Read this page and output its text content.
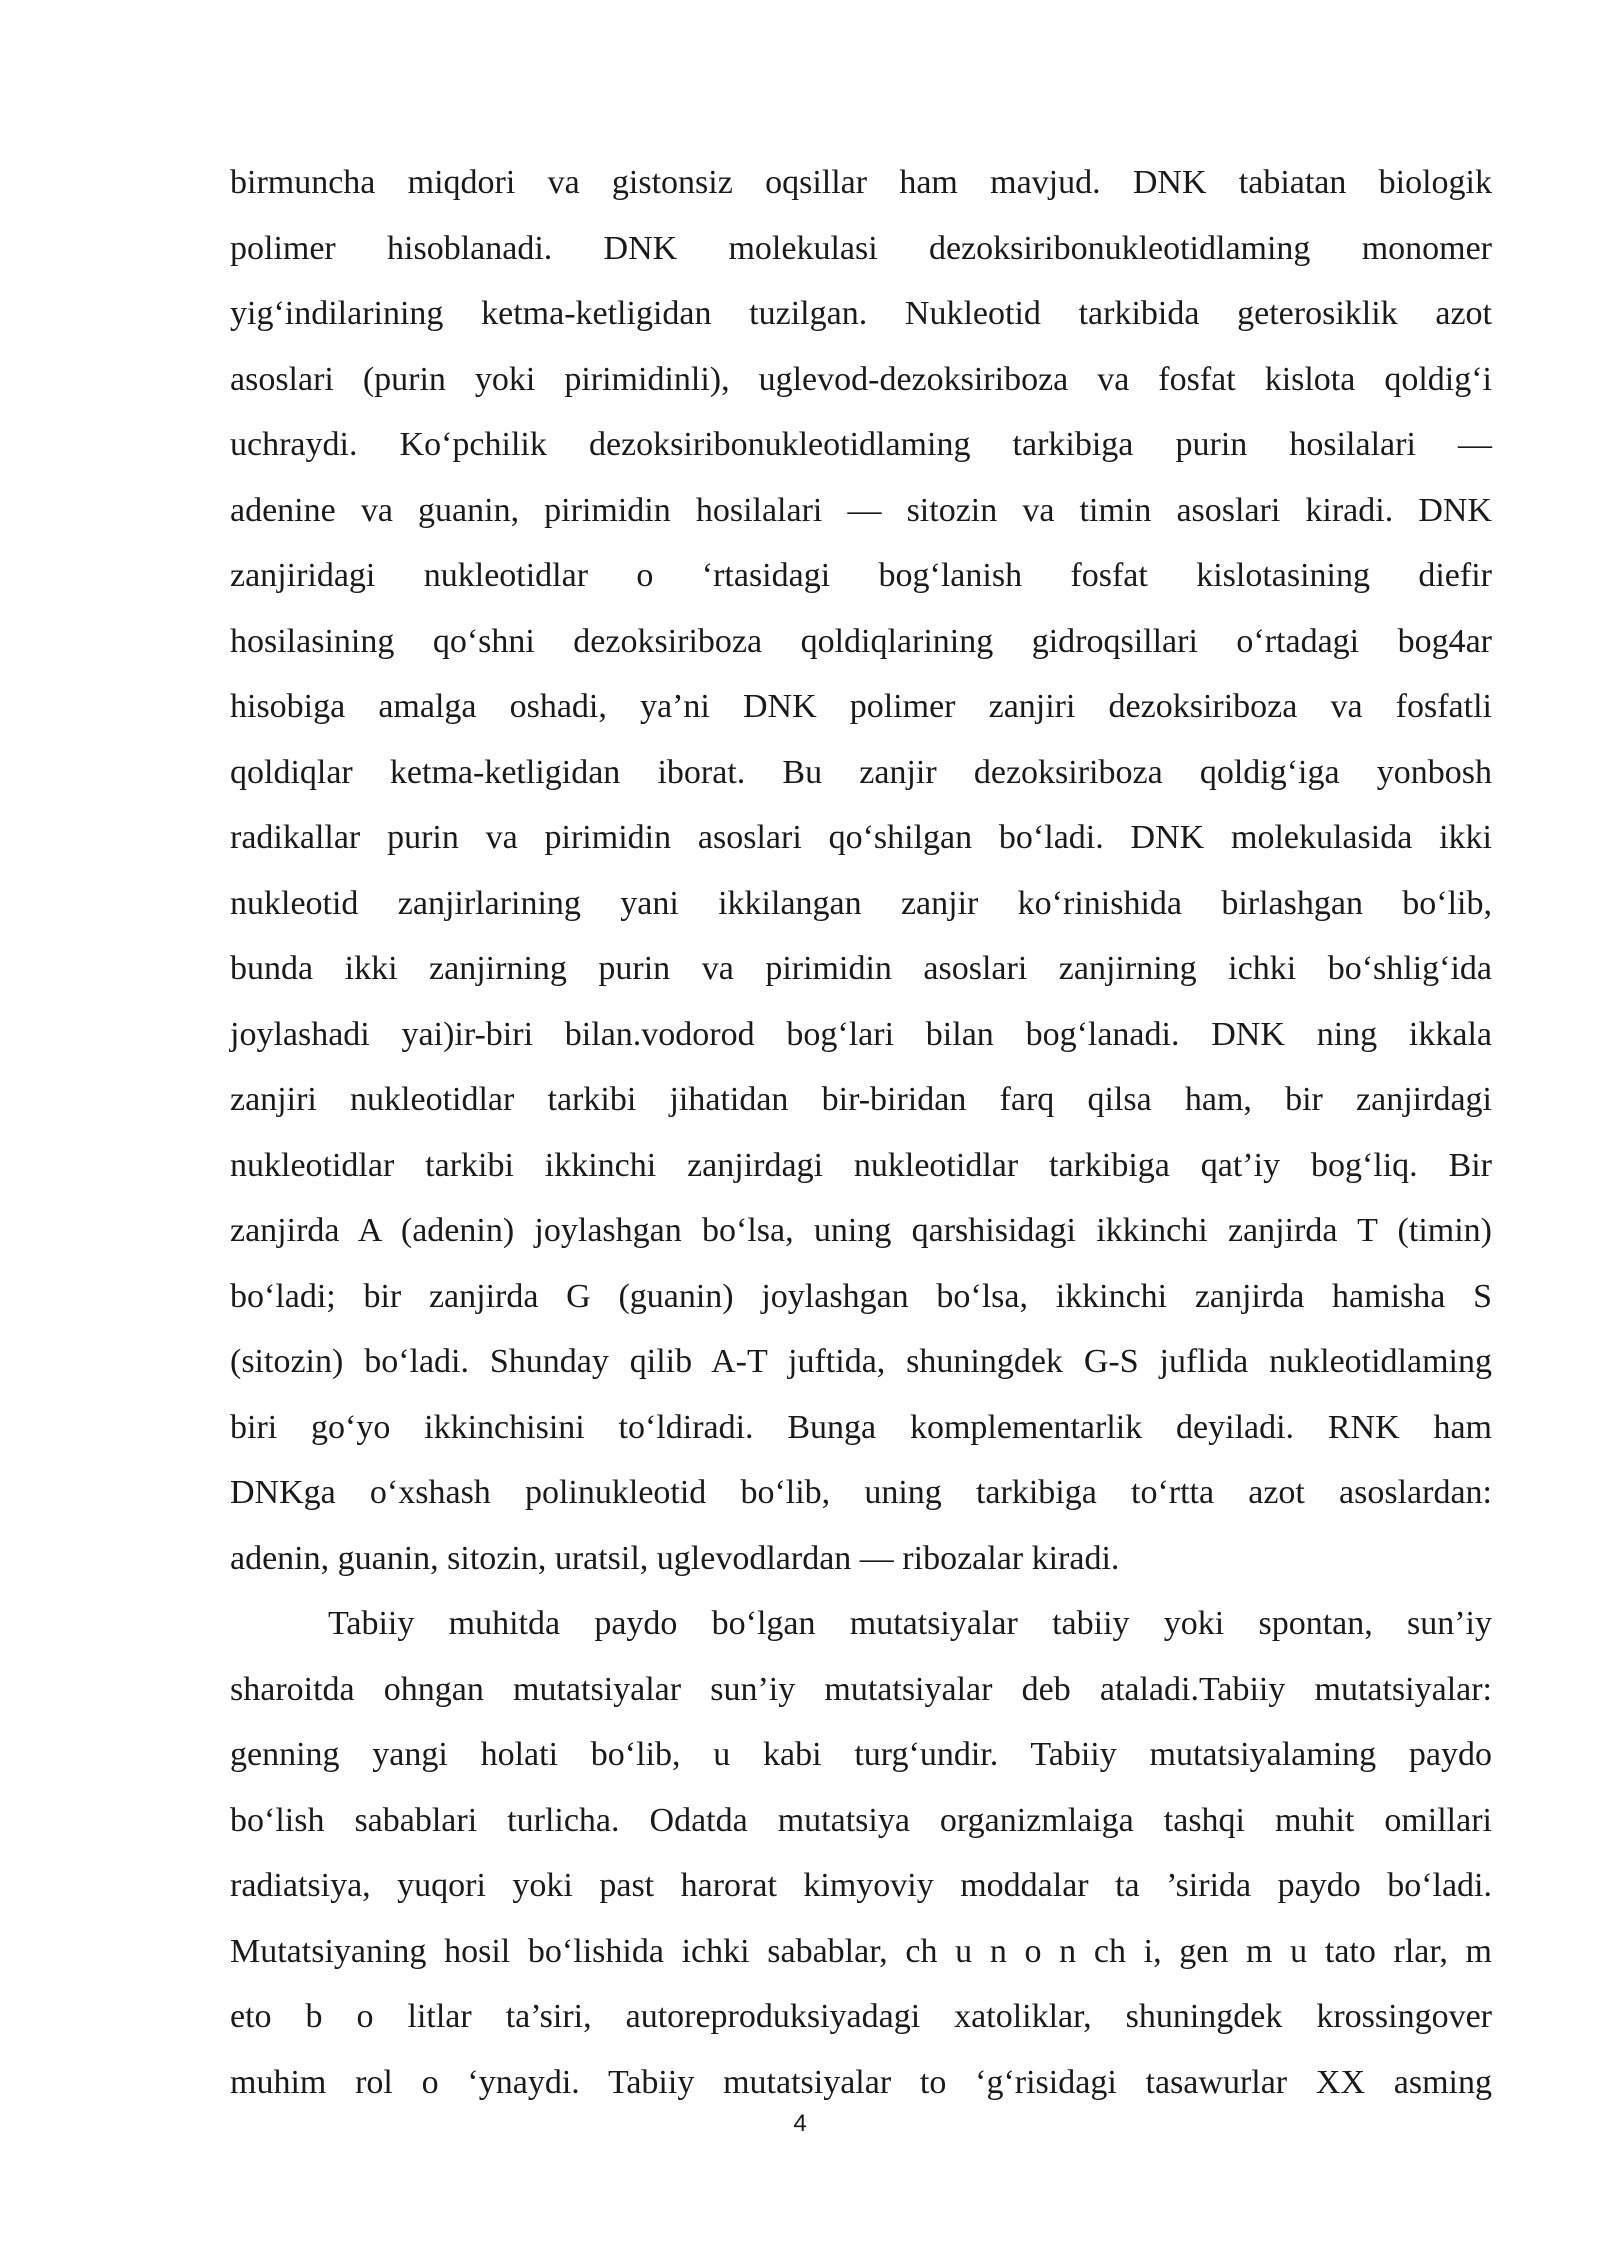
birmuncha miqdori va gistonsiz oqsillar ham mavjud. DNK tabiatan biologik
polimer hisoblanadi. DNK molekulasi dezoksiribonukleotidlaming monomer
yig‘indilarining ketma-ketligidan tuzilgan. Nukleotid tarkibida geterosiklik azot
asoslari (purin yoki pirimidinli), uglevod-dezoksiriboza va fosfat kislota qoldig‘i
uchraydi. Ko‘pchilik dezoksiribonukleotidlaming tarkibiga purin hosilalari —
adenine va guanin, pirimidin hosilalari — sitozin va timin asoslari kiradi. DNK
zanjiridagi nukleotidlar o ‘rtasidagi bog‘lanish fosfat kislotasining diefir
hosilasining qo‘shni dezoksiriboza qoldiqlarining gidroqsillari o‘rtadagi bog4ar
hisobiga amalga oshadi, ya’ni DNK polimer zanjiri dezoksiriboza va fosfatli
qoldiqlar ketma-ketligidan iborat. Bu zanjir dezoksiriboza qoldig‘iga yonbosh
radikallar purin va pirimidin asoslari qo‘shilgan bo‘ladi. DNK molekulasida ikki
nukleotid zanjirlarining yani ikkilangan zanjir ko‘rinishida birlashgan bo‘lib,
bunda ikki zanjirning purin va pirimidin asoslari zanjirning ichki bo‘shlig‘ida
joylashadi yai)ir-biri bilan.vodorod bog‘lari bilan bog‘lanadi. DNK ning ikkala
zanjiri nukleotidlar tarkibi jihatidan bir-biridan farq qilsa ham, bir zanjirdagi
nukleotidlar tarkibi ikkinchi zanjirdagi nukleotidlar tarkibiga qat’iy bog‘liq. Bir
zanjirda A (adenin) joylashgan bo‘lsa, uning qarshisidagi ikkinchi zanjirda T (timin)
bo‘ladi; bir zanjirda G (guanin) joylashgan bo‘lsa, ikkinchi zanjirda hamisha S
(sitozin) bo‘ladi. Shunday qilib A-T juftida, shuningdek G-S juflida nukleotidlaming
biri go‘yo ikkinchisini to‘ldiradi. Bunga komplementarlik deyiladi. RNK ham
DNKga o‘xshash polinukleotid bo‘lib, uning tarkibiga to‘rtta azot asoslardan:
adenin, guanin, sitozin, uratsil, uglevodlardan — ribozalar kiradi.
Tabiiy muhitda paydo bo‘lgan mutatsiyalar tabiiy yoki spontan, sun’iy
sharoitda ohngan mutatsiyalar sun’iy mutatsiyalar deb ataladi.Tabiiy mutatsiyalar:
genning yangi holati bo‘lib, u kabi turg‘undir. Tabiiy mutatsiyalaming paydo
bo‘lish sabablari turlicha. Odatda mutatsiya organizmlaiga tashqi muhit omillari
radiatsiya, yuqori yoki past harorat kimyoviy moddalar ta ’sirida paydo bo‘ladi.
Mutatsiyaning hosil bo‘lishida ichki sabablar, ch u n o n ch i, gen m u tato rlar, m
eto b o litlar ta’siri, autoreproduksiyadagi xatoliklar, shuningdek krossingover
muhim rol o ‘ynaydi. Tabiiy mutatsiyalar to ‘g‘risidagi tasawurlar XX asming
4
